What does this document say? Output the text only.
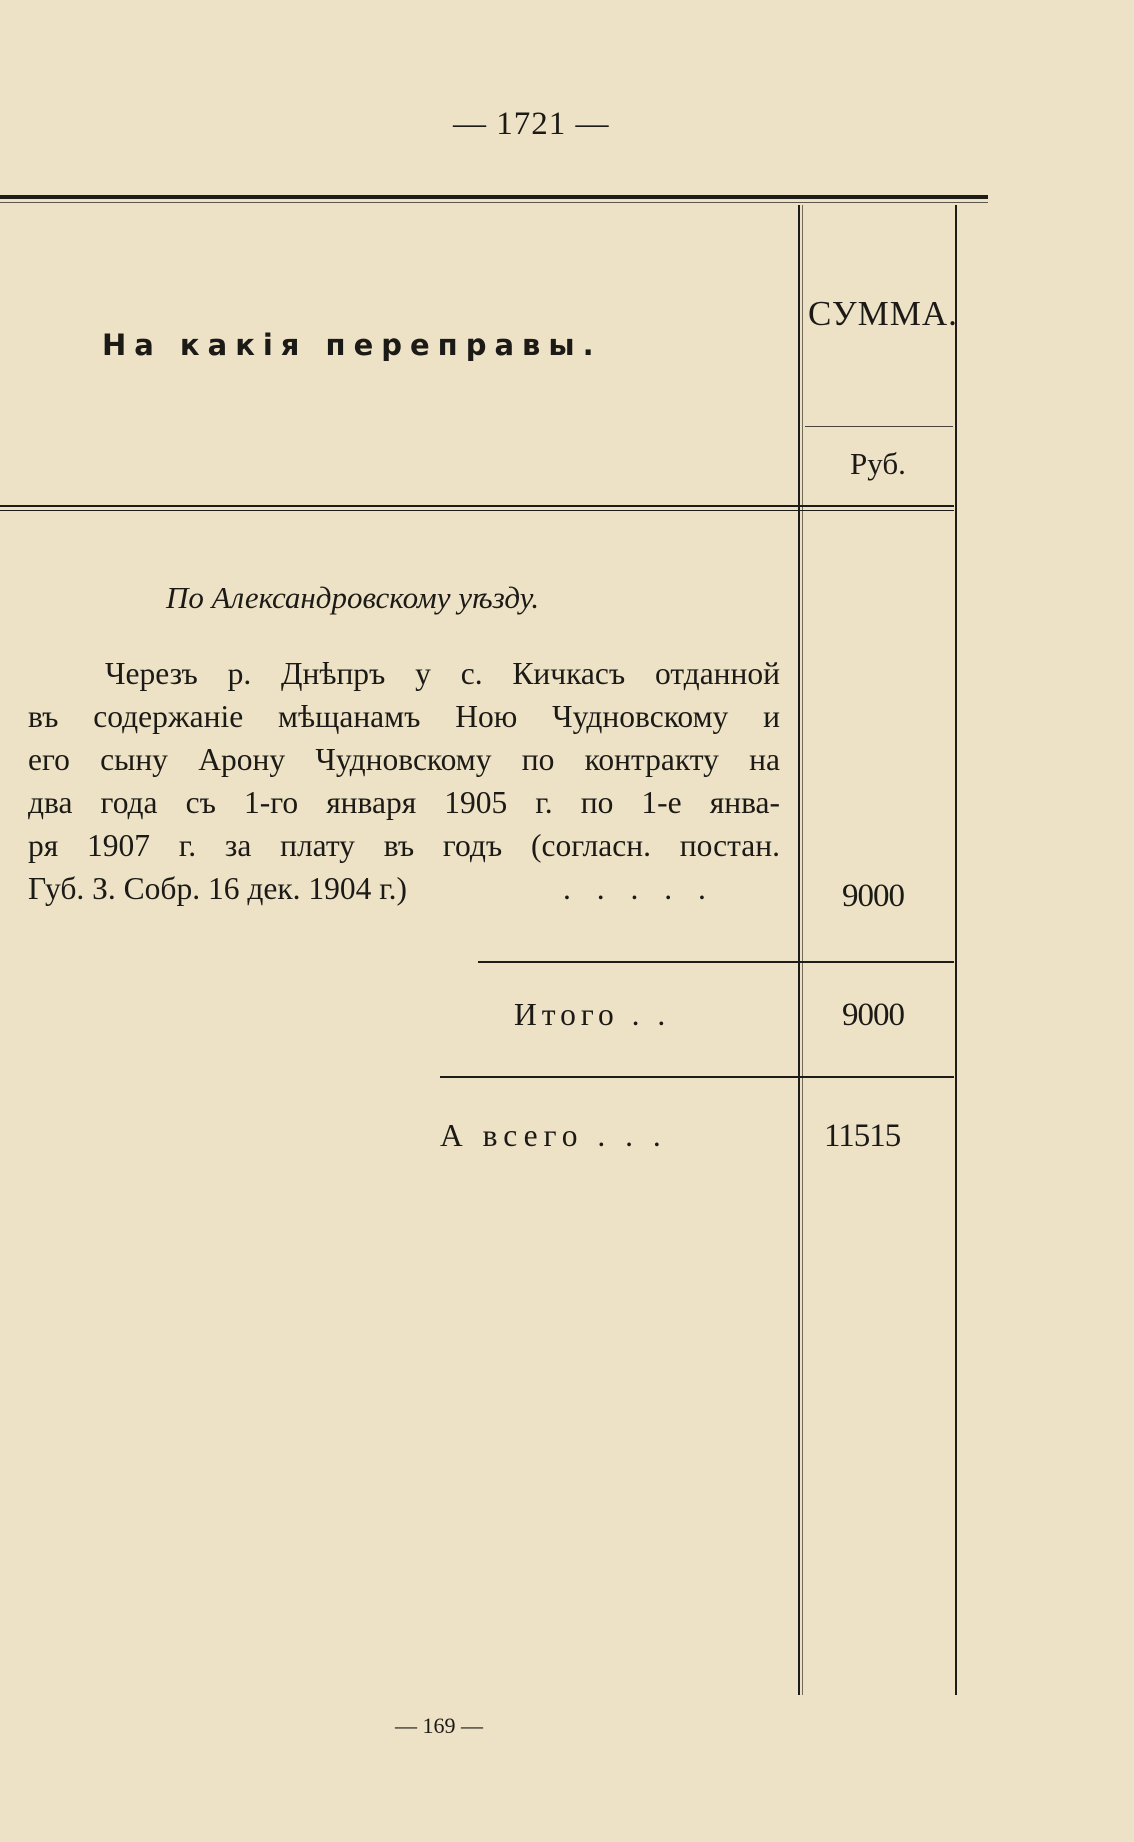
— 1721 —
На какія переправы.
СУММА.
Руб.
По Александровскому уѣзду.
Черезъ р. Днѣпръ у с. Кичкасъ отданной
въ содержаніе мѣщанамъ Ною Чудновскому и
его сыну Арону Чудновскому по контракту на
два года съ 1-го января 1905 г. по 1-е янва-
ря 1907 г. за плату въ годъ (согласн. постан.
Губ. З. Собр. 16 дек. 1904 г.)	. . . . .	9000
Итого . .	9000
А всего . . .	11515
— 169 —
